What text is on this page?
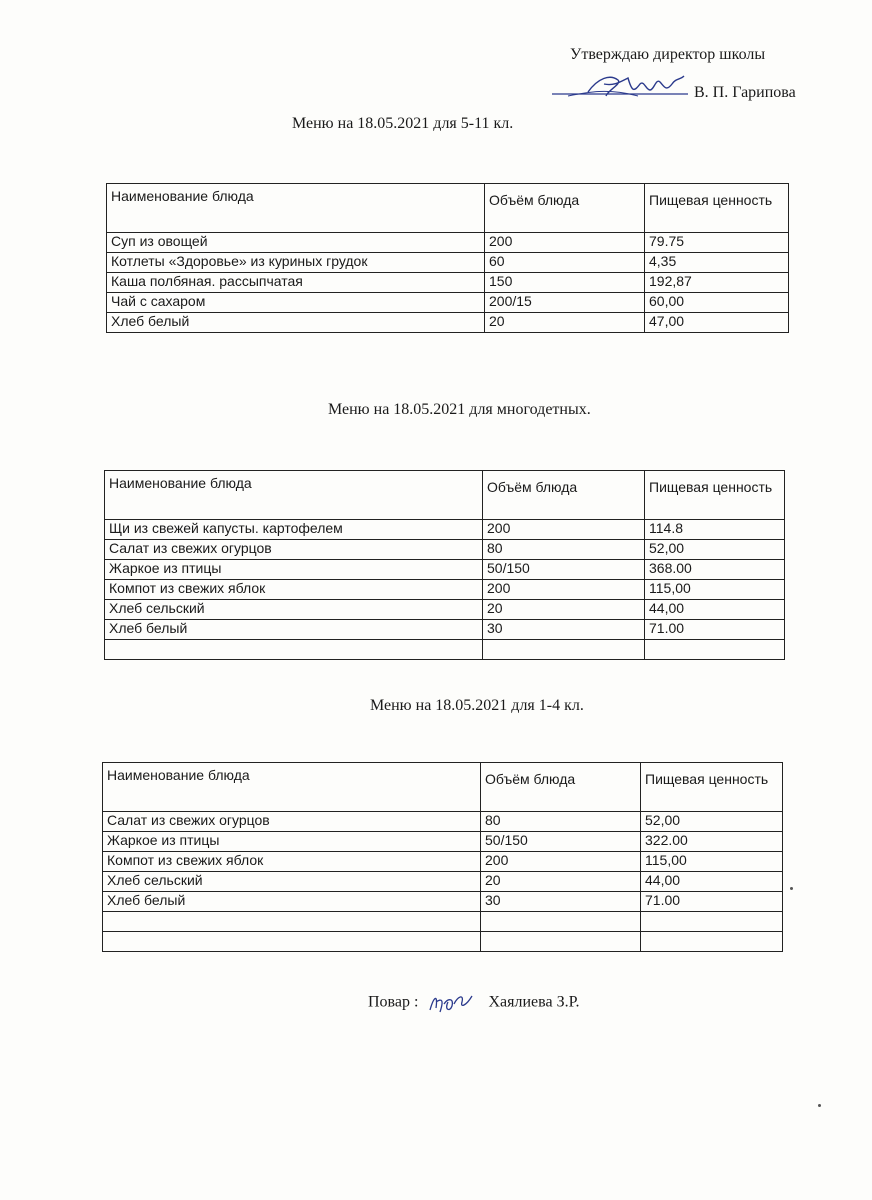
Утверждаю директор школы
В. П. Гарипова
Меню на 18.05.2021 для 5-11 кл.
Наименование блюда	Объём блюда	Пищевая ценность
Суп из овощей	200	79.75
Котлеты «Здоровье» из куриных грудок	60	4,35
Каша полбяная. рассыпчатая	150	192,87
Чай с сахаром	200/15	60,00
Хлеб белый	20	47,00
Меню на 18.05.2021 для многодетных.
Наименование блюда	Объём блюда	Пищевая ценность
Щи из свежей капусты. картофелем	200	114.8
Салат из свежих огурцов	80	52,00
Жаркое из птицы	50/150	368.00
Компот из свежих яблок	200	115,00
Хлеб сельский	20	44,00
Хлеб белый	30	71.00

Меню на 18.05.2021 для 1-4 кл.
Наименование блюда	Объём блюда	Пищевая ценность
Салат из свежих огурцов	80	52,00
Жаркое из птицы	50/150	322.00
Компот из свежих яблок	200	115,00
Хлеб сельский	20	44,00
Хлеб белый	30	71.00

Повар :	Хаялиева З.Р.
